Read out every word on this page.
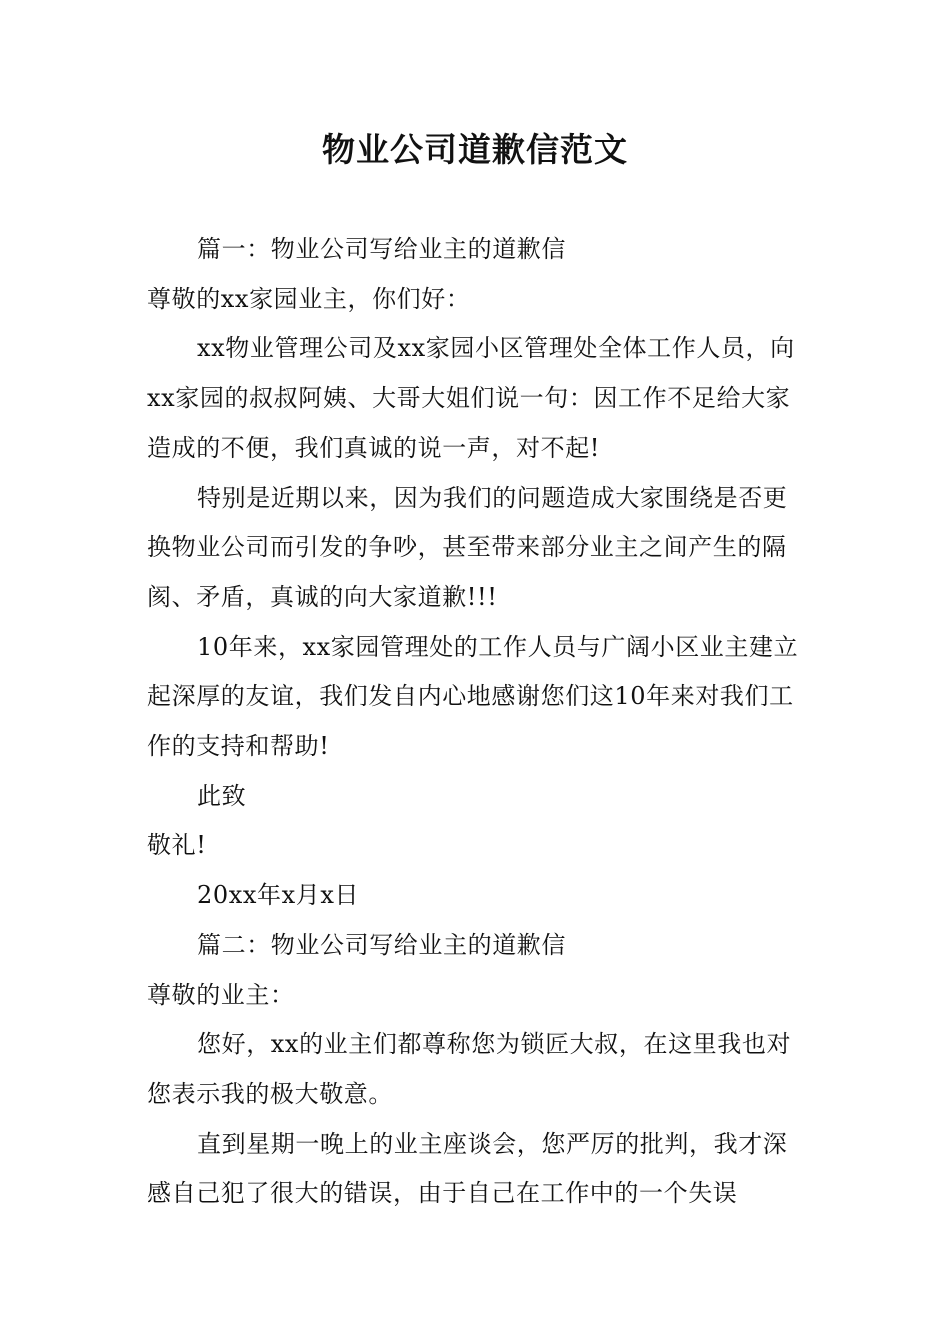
物业公司道歉信范文

篇一：物业公司写给业主的道歉信

尊敬的xx家园业主，你们好：

xx物业管理公司及xx家园小区管理处全体工作人员，向xx家园的叔叔阿姨、大哥大姐们说一句：因工作不足给大家造成的不便，我们真诚的说一声，对不起!

特别是近期以来，因为我们的问题造成大家围绕是否更换物业公司而引发的争吵，甚至带来部分业主之间产生的隔阂、矛盾，真诚的向大家道歉!!!

10年来，xx家园管理处的工作人员与广阔小区业主建立起深厚的友谊，我们发自内心地感谢您们这10年来对我们工作的支持和帮助!

此致

敬礼!

20xx年x月x日

篇二：物业公司写给业主的道歉信

尊敬的业主：

您好，xx的业主们都尊称您为锁匠大叔，在这里我也对您表示我的极大敬意。

直到星期一晚上的业主座谈会，您严厉的批判，我才深感自己犯了很大的错误，由于自己在工作中的一个失误
